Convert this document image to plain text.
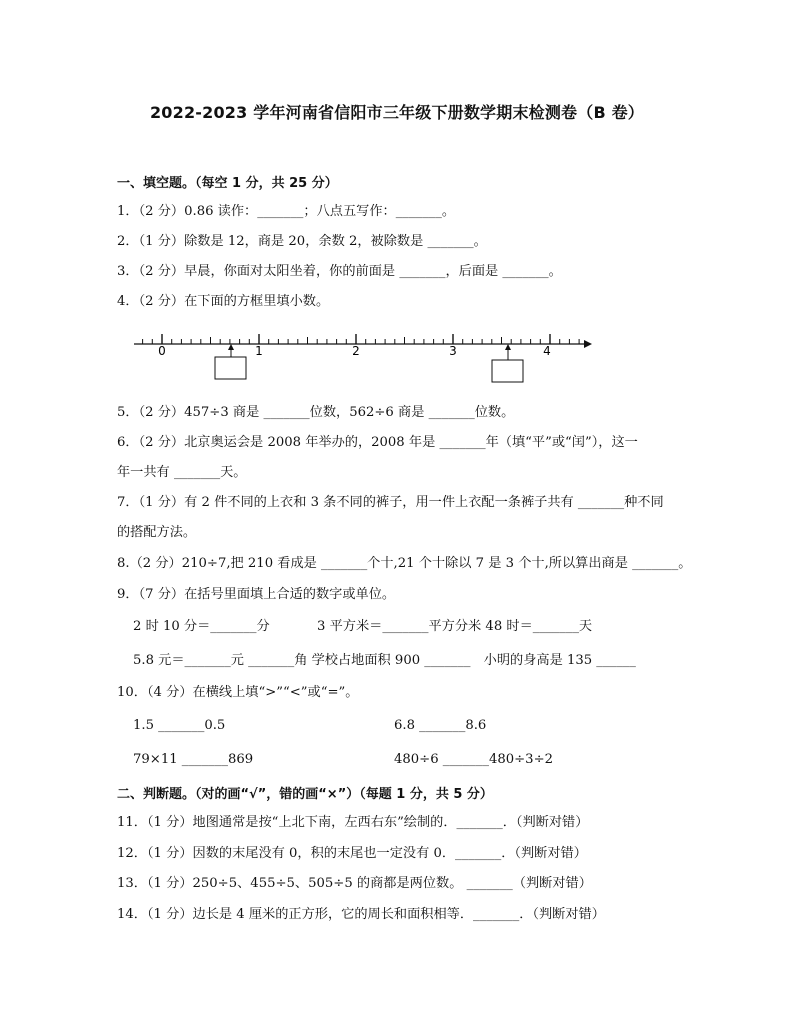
2022-2023 学年河南省信阳市三年级下册数学期末检测卷（B 卷）
一、填空题。（每空 1 分，共 25 分）
1．（2 分）0.86 读作：_______；八点五写作：_______。
2．（1 分）除数是 12，商是 20，余数 2，被除数是 _______。
3．（2 分）早晨，你面对太阳坐着，你的前面是 _______，后面是 _______。
4．（2 分）在下面的方框里填小数。
0	1	2	3	4
5．（2 分）457÷3 商是 _______位数，562÷6 商是 _______位数。
6．（2 分）北京奥运会是 2008 年举办的，2008 年是 _______年（填“平”或“闰”），这一
年一共有 _______天。
7．（1 分）有 2 件不同的上衣和 3 条不同的裤子，用一件上衣配一条裤子共有 _______种不同
的搭配方法。
8.（2 分）210÷7,把 210 看成是 _______个十,21 个十除以 7 是 3 个十,所以算出商是 _______。
9．（7 分）在括号里面填上合适的数字或单位。
2 时 10 分＝_______分	3 平方米＝_______平方分米 48 时＝_______天
5.8 元＝_______元 _______角 学校占地面积 900 _______　小明的身高是 135 ______
10．（4 分）在横线上填“>”“<”或“=”。
1.5 _______0.5	6.8 _______8.6
79×11 _______869	480÷6 _______480÷3÷2
二、判断题。（对的画“√”，错的画“×”）（每题 1 分，共 5 分）
11．（1 分）地图通常是按“上北下南，左西右东”绘制的．_______．（判断对错）
12．（1 分）因数的末尾没有 0，积的末尾也一定没有 0．_______．（判断对错）
13．（1 分）250÷5、455÷5、505÷5 的商都是两位数。 _______（判断对错）
14．（1 分）边长是 4 厘米的正方形，它的周长和面积相等．_______．（判断对错）
